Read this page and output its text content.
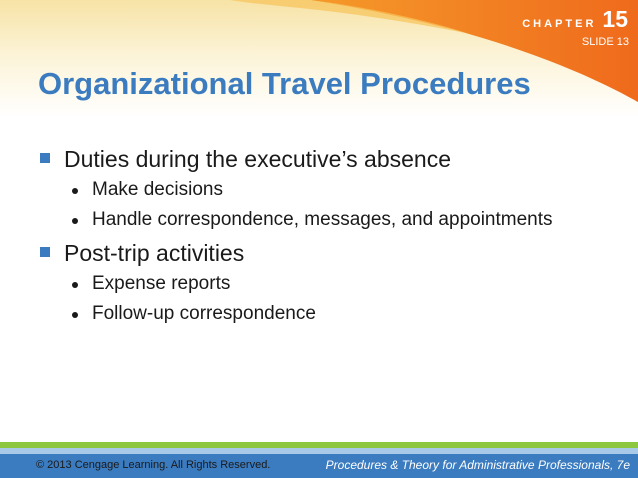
CHAPTER 15
SLIDE 13
Organizational Travel Procedures
Duties during the executive’s absence
Make decisions
Handle correspondence, messages, and appointments
Post-trip activities
Expense reports
Follow-up correspondence
© 2013 Cengage Learning. All Rights Reserved.	Procedures & Theory for Administrative Professionals, 7e
